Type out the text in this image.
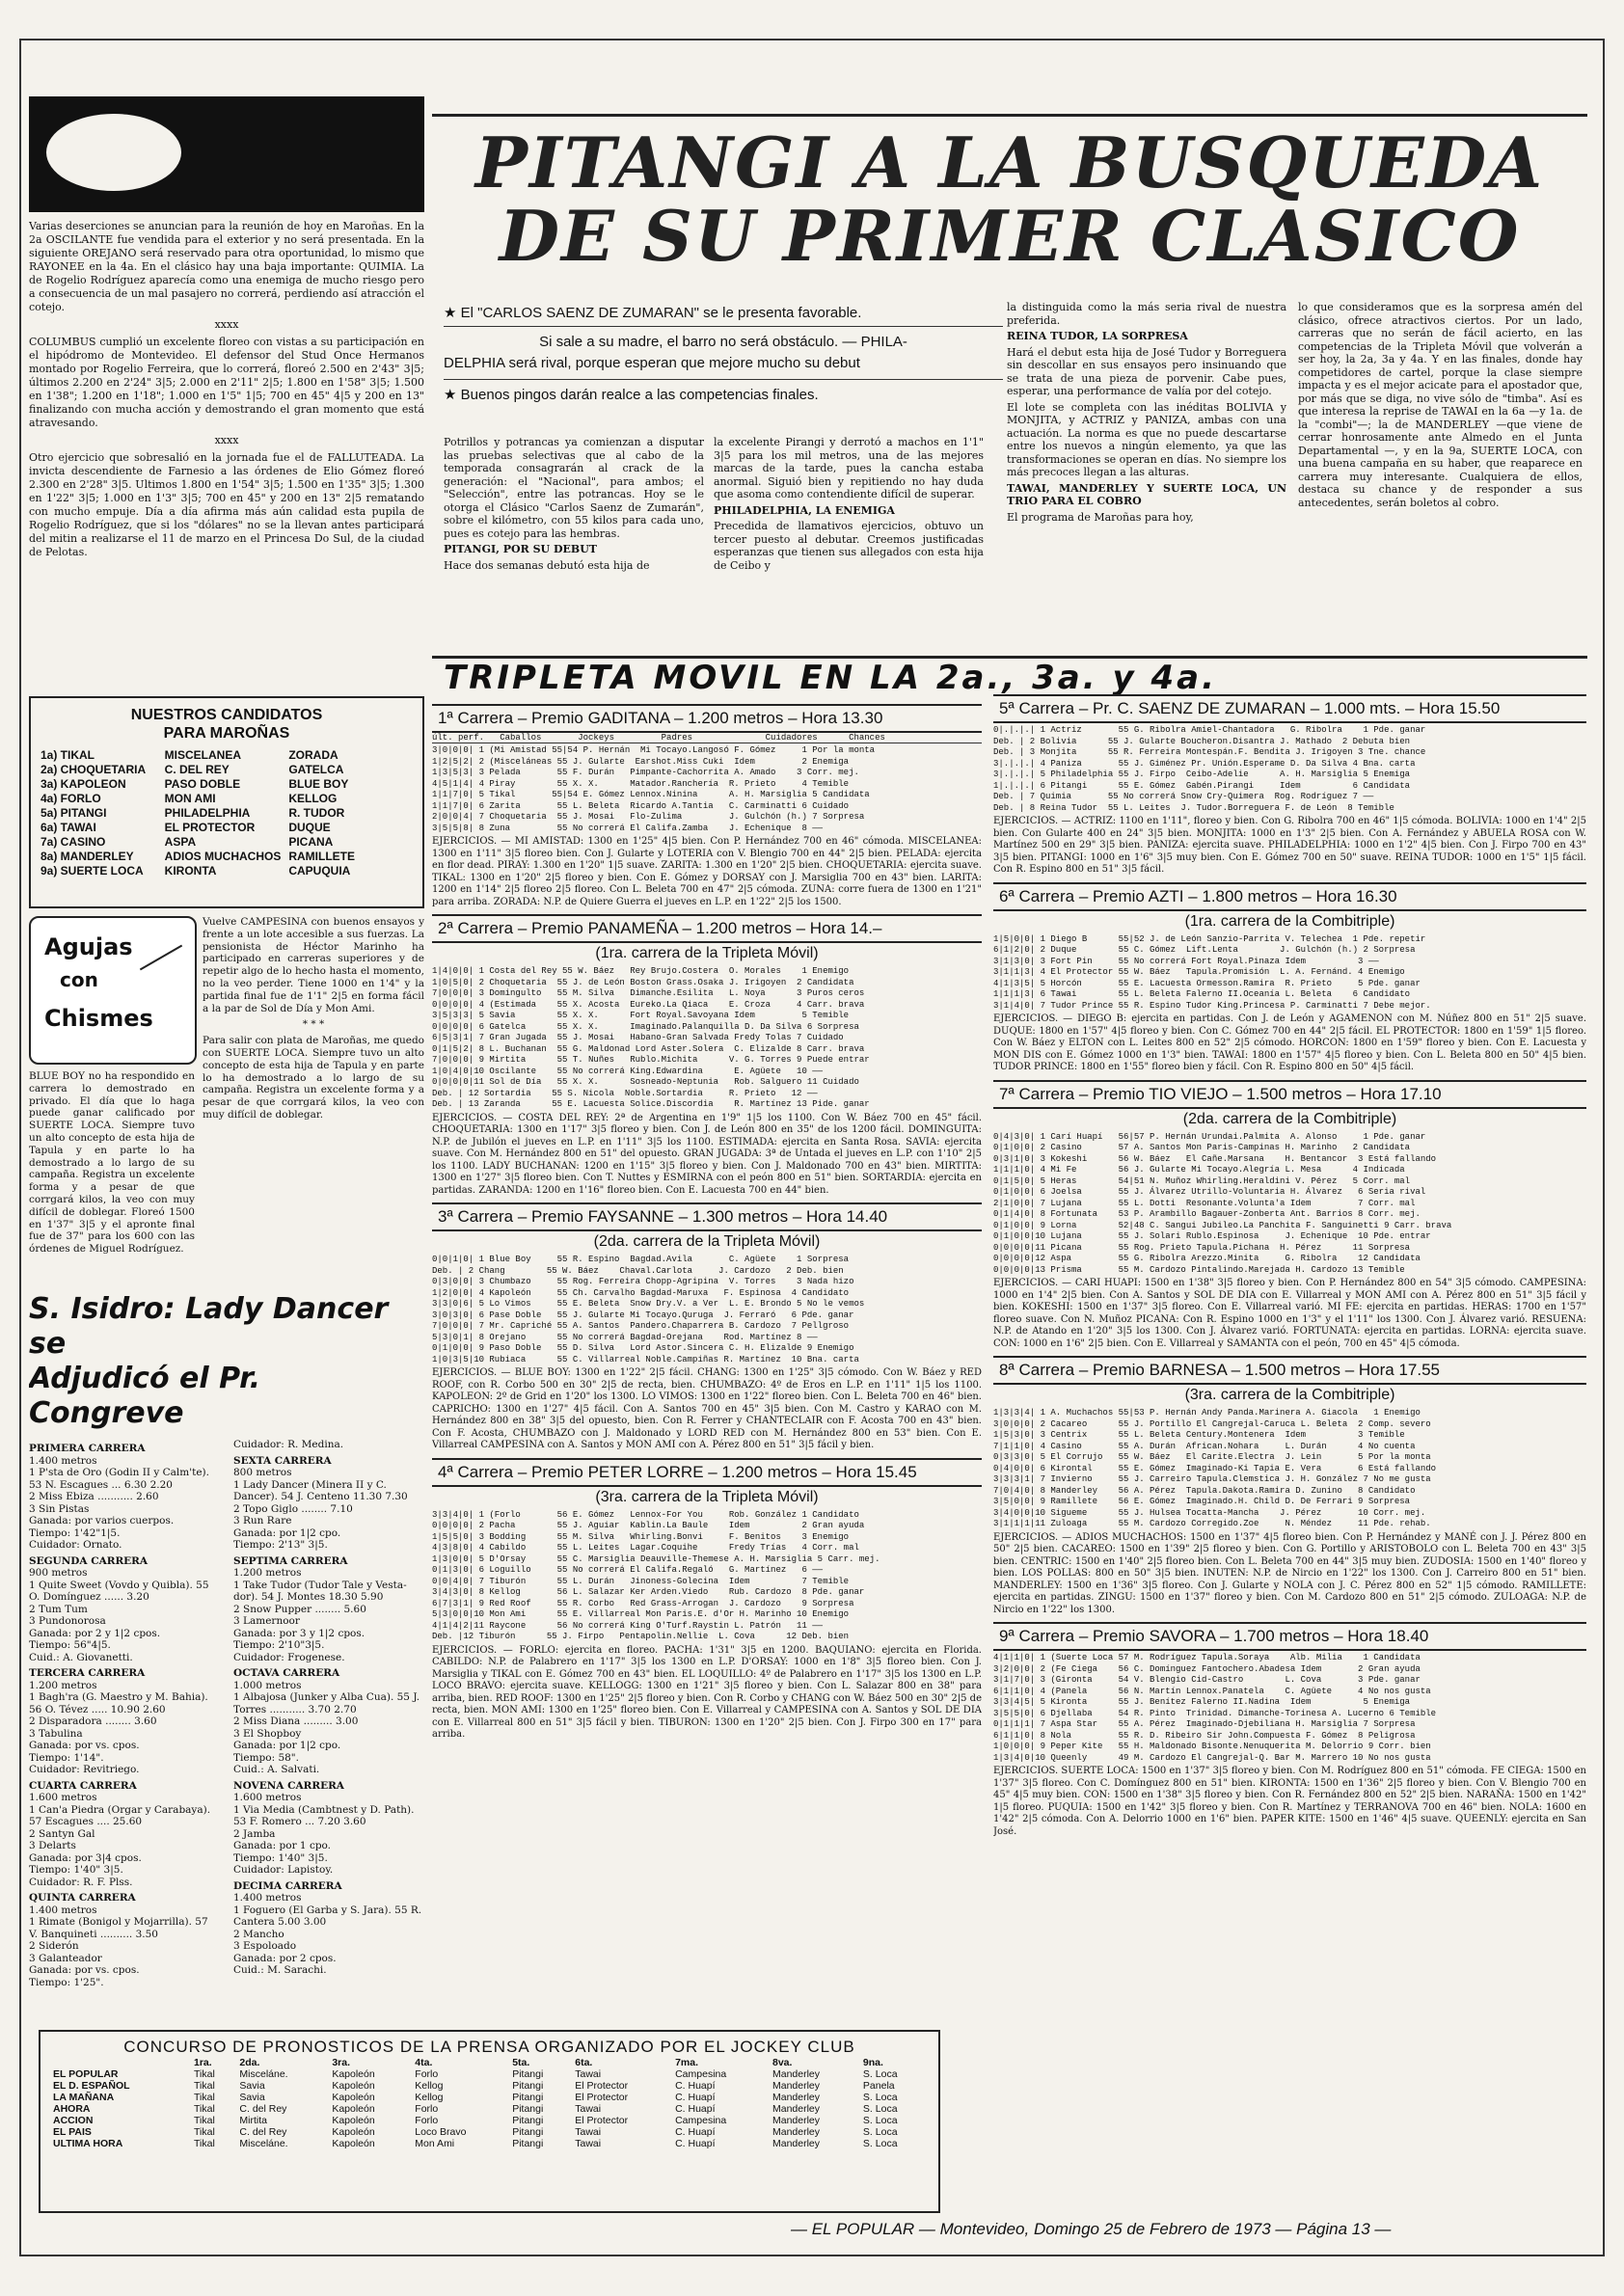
Varias deserciones se anuncian para la reunión de hoy en Maroñas. En la 2a OSCILANTE fue vendida para el exterior y no será presentada. En la siguiente OREJANO será reservado para otra oportunidad, lo mismo que RAYONEE en la 4a. En el clásico hay una baja importante: QUIMIA. La de Rogelio Rodríguez aparecía como una enemiga de mucho riesgo pero a consecuencia de un mal pasajero no correrá, perdiendo así atracción el cotejo.

xxxx

COLUMBUS cumplió un excelente floreo con vistas a su participación en el hipódromo de Montevideo. El defensor del Stud Once Hermanos montado por Rogelio Ferreira, que lo correrá, floreó 2.500 en 2'43" 3|5; últimos 2.200 en 2'24" 3|5; 2.000 en 2'11" 2|5; 1.800 en 1'58" 3|5; 1.500 en 1'38"; 1.200 en 1'18"; 1.000 en 1'5" 1|5; 700 en 45" 4|5 y 200 en 13" finalizando con mucha acción y demostrando el gran momento que está atravesando.

xxxx

Otro ejercicio que sobresalió en la jornada fue el de FALLUTEADA. La invicta descendiente de Farnesio a las órdenes de Elio Gómez floreó 2.300 en 2'28" 3|5. Ultimos 1.800 en 1'54" 3|5; 1.500 en 1'35" 3|5; 1.300 en 1'22" 3|5; 1.000 en 1'3" 3|5; 700 en 45" y 200 en 13" 2|5 rematando con mucho empuje. Día a día afirma más aún calidad esta pupila de Rogelio Rodríguez, que si los "dólares" no se la llevan antes participará del mitin a realizarse el 11 de marzo en el Princesa Do Sul, de la ciudad de Pelotas.

PITANGI A LA BUSQUEDA
DE SU PRIMER CLASICO
★ El "CARLOS SAENZ DE ZUMARAN" se le presenta favorable.
Si sale a su madre, el barro no será obstáculo. — PHILA-
DELPHIA será rival, porque esperan que mejore mucho su debut
★ Buenos pingos darán realce a las competencias finales.

Potrillos y potrancas ya comienzan a disputar las pruebas selectivas que al cabo de la temporada consagrarán al crack de la generación: el "Nacional", para ambos; el "Selección", entre las potrancas. Hoy se le otorga el Clásico "Carlos Saenz de Zumarán", sobre el kilómetro, con 55 kilos para cada uno, pues es cotejo para las hembras.

PITANGI, POR SU DEBUT

Hace dos semanas debutó esta hija de

la excelente Pirangi y derrotó a machos en 1'1" 3|5 para los mil metros, una de las mejores marcas de la tarde, pues la cancha estaba anormal. Siguió bien y repitiendo no hay duda que asoma como contendiente difícil de superar.

PHILADELPHIA, LA ENEMIGA

Precedida de llamativos ejercicios, obtuvo un tercer puesto al debutar. Creemos justificadas esperanzas que tienen sus allegados con esta hija de Ceibo y

la distinguida como la más seria rival de nuestra preferida.

REINA TUDOR, LA SORPRESA

Hará el debut esta hija de José Tudor y Borreguera sin descollar en sus ensayos pero insinuando que se trata de una pieza de porvenir. Cabe pues, esperar, una performance de valía por del cotejo.

El lote se completa con las inéditas BOLIVIA y MONJITA, y ACTRIZ y PANIZA, ambas con una actuación. La norma es que no puede descartarse entre los nuevos a ningún elemento, ya que las transformaciones se operan en días. No siempre los más precoces llegan a las alturas.

TAWAI, MANDERLEY Y SUERTE LOCA, UN TRIO PARA EL COBRO

El programa de Maroñas para hoy,

lo que consideramos que es la sorpresa amén del clásico, ofrece atractivos ciertos. Por un lado, carreras que no serán de fácil acierto, en las competencias de la Tripleta Móvil que volverán a ser hoy, la 2a, 3a y 4a. Y en las finales, donde hay competidores de cartel, porque la clase siempre impacta y es el mejor acicate para el apostador que, por más que se diga, no vive sólo de "timba". Así es que interesa la reprise de TAWAI en la 6a —y 1a. de la "combi"—; la de MANDERLEY —que viene de cerrar honrosamente ante Almedo en el Junta Departamental —, y en la 9a, SUERTE LOCA, con una buena campaña en su haber, que reaparece en carrera muy interesante. Cualquiera de ellos, destaca su chance y de responder a sus antecedentes, serán boletos al cobro.

TRIPLETA MOVIL EN LA 2a., 3a. y 4a.
NUESTROS CANDIDATOS
PARA MAROÑAS
1a) TIKAL	MISCELANEA	ZORADA
2a) CHOQUETARIA	C. DEL REY	GATELCA
3a) KAPOLEON	PASO DOBLE	BLUE BOY
4a) FORLO	MON AMI	KELLOG
5a) PITANGI	PHILADELPHIA	R. TUDOR
6a) TAWAI	EL PROTECTOR	DUQUE
7a) CASINO	ASPA	PICANA
8a) MANDERLEY	ADIOS MUCHACHOS RAMILLETE
9a) SUERTE LOCA	KIRONTA	CAPUQUIA
Agujas
con
Chismes

Vuelve CAMPESINA con buenos ensayos y frente a un lote accesible a sus fuerzas. La pensionista de Héctor Marinho ha participado en carreras superiores y de repetir algo de lo hecho hasta el momento, no la veo perder. Tiene 1000 en 1'4" y la partida final fue de 1'1" 2|5 en forma fácil a la par de Sol de Día y Mon Ami.

* * *

Para salir con plata de Maroñas, me quedo con SUERTE LOCA. Siempre tuvo un alto concepto de esta hija de Tapula y en parte lo ha demostrado a lo largo de su campaña. Registra un excelente forma y a pesar de que corrgará kilos, la veo con muy difícil de doblegar.

BLUE BOY no ha respondido en carrera lo demostrado en privado. El día que lo haga puede ganar calificado por SUERTE LOCA. Siempre tuvo un alto concepto de esta hija de Tapula y en parte lo ha demostrado a lo largo de su campaña. Registra un excelente forma y a pesar de que corrgará kilos, la veo con muy difícil de doblegar. Floreó 1500 en 1'37" 3|5 y el apronte final fue de 37" para los 600 con las órdenes de Miguel Rodríguez.

S. Isidro: Lady Dancer se
Adjudicó el Pr. Congreve
PRIMERA CARRERA
1.400 metros
1 P'sta de Oro (Godin II y Calm'te).
53 N. Escagues ... 6.30 2.20
2 Miss Ebiza ........... 2.60
3 Sin Pistas
Ganada: por varios cuerpos.
Tiempo: 1'42"1|5.
Cuidador: Ornato.
SEGUNDA CARRERA
900 metros
1 Quite Sweet (Vovdo y Quibla). 55
O. Domínguez ...... 3.20
2 Tum Tum
3 Pundonorosa
Ganada: por 2 y 1|2 cpos.
Tiempo: 56"4|5.
Cuid.: A. Giovanetti.
TERCERA CARRERA
1.200 metros
1 Bagh'ra (G. Maestro y M. Bahia).
56 O. Tévez ..... 10.90 2.60
2 Disparadora ........ 3.60
3 Tabulina
Ganada: por vs. cpos.
Tiempo: 1'14".
Cuidador: Revitriego.
CUARTA CARRERA
1.600 metros
1 Can'a Piedra (Orgar y Carabaya). 57 Escagues .... 25.60
2 Santyn Gal
3 Delarts
Ganada: por 3|4 cpos.
Tiempo: 1'40" 3|5.
Cuidador: R. F. Plss.
QUINTA CARRERA
1.400 metros
1 Rimate (Bonigol y Mojarrilla). 57 V. Banquineti .......... 3.50
2 Siderón
3 Galanteador
Ganada: por vs. cpos.
Tiempo: 1'25".
Cuidador: R. Medina.
SEXTA CARRERA
800 metros
1 Lady Dancer (Minera II y C. Dancer). 54 J. Centeno 11.30 7.30
2 Topo Giglo ........ 7.10
3 Run Rare
Ganada: por 1|2 cpo.
Tiempo: 2'13" 3|5.
SEPTIMA CARRERA
1.200 metros
1 Take Tudor (Tudor Tale y Vesta-dor). 54 J. Montes 18.30 5.90
2 Snow Pupper ........ 5.60
3 Lamernoor
Ganada: por 3 y 1|2 cpos.
Tiempo: 2'10"3|5.
Cuidador: Frogenese.
OCTAVA CARRERA
1.000 metros
1 Albajosa (Junker y Alba Cua). 55 J. Torres ........... 3.70 2.70
2 Miss Diana ......... 3.00
3 El Shopboy
Ganada: por 1|2 cpo.
Tiempo: 58".
Cuid.: A. Salvati.
NOVENA CARRERA
1.600 metros
1 Via Media (Cambtnest y D. Path). 53 F. Romero ... 7.20 3.60
2 Jamba
Ganada: por 1 cpo.
Tiempo: 1'40" 3|5.
Cuidador: Lapistoy.
DECIMA CARRERA
1.400 metros
1 Foguero (El Garba y S. Jara). 55 R. Cantera 5.00 3.00
2 Mancho
3 Espoloado
Ganada: por 2 cpos.
Cuid.: M. Sarachi.
1ª Carrera – Premio GADITANA – 1.200 metros – Hora 13.30
últ. perf.   Caballos       Jockeys         Padres              Cuidadores      Chances
3|0|0|0| 1 (Mi Amistad 55|54 P. Hernán  Mi Tocayo.Langosó F. Gómez     1 Por la monta
1|2|5|2| 2 (Misceláneas 55 J. Gularte  Earshot.Miss Cuki  Idem         2 Enemiga
1|3|5|3| 3 Pelada       55 F. Durán   Pimpante-Cachorrita A. Amado    3 Corr. mej.
4|5|1|4| 4 Piray        55 X. X.      Matador.Ranchería  R. Prieto     4 Temible
1|1|7|0| 5 Tikal       55|54 E. Gómez Lennox.Ninina      A. H. Marsiglia 5 Candidata
1|1|7|0| 6 Zarita       55 L. Beleta  Ricardo A.Tantia   C. Carminatti 6 Cuidado
2|0|0|4| 7 Choquetaria  55 J. Mosai   Flo-Zulima         J. Gulchón (h.) 7 Sorpresa
3|5|5|8| 8 Zuna         55 No correrá El Califa.Zamba    J. Echenique  8 ——
EJERCICIOS. — MI AMISTAD: 1300 en 1'25" 4|5 bien. Con P. Hernández 700 en 46" cómoda. MISCELANEA: 1300 en 1'11" 3|5 floreo bien. Con J. Gularte y LOTERIA con V. Blengio 700 en 44" 2|5 bien. PELADA: ejercita en flor dead. PIRAY: 1.300 en 1'20" 1|5 suave. ZARITA: 1.300 en 1'20" 2|5 bien. CHOQUETARIA: ejercita suave. TIKAL: 1300 en 1'20" 2|5 floreo y bien. Con E. Gómez y DORSAY con J. Marsiglia 700 en 43" bien. LARITA: 1200 en 1'14" 2|5 floreo 2|5 floreo. Con L. Beleta 700 en 47" 2|5 cómoda. ZUNA: corre fuera de 1300 en 1'21" para arriba. ZORADA: N.P. de Quiere Guerra el jueves en L.P. en 1'22" 2|5 los 1500.
2ª Carrera – Premio PANAMEÑA – 1.200 metros – Hora 14.–
(1ra. carrera de la Tripleta Móvil)
1|4|0|0| 1 Costa del Rey 55 W. Báez   Rey Brujo.Costera  O. Morales    1 Enemigo
1|0|5|0| 2 Choquetaria  55 J. de León Boston Grass.Osaka J. Irigoyen  2 Candidata
7|0|0|0| 3 Domingulto   55 M. Silva   Dimanche.Esilita   L. Noya      3 Puros ceros
0|0|0|0| 4 (Estimada    55 X. Acosta  Eureko.La Qiaca    E. Croza     4 Carr. brava
3|5|3|3| 5 Savia        55 X. X.      Fort Royal.Savoyana Idem         5 Temible
0|0|0|0| 6 Gatelca      55 X. X.      Imaginado.Palanquilla D. Da Silva 6 Sorpresa
6|5|3|1| 7 Gran Jugada  55 J. Mosai   Habano-Gran Salvada Fredy Tolas 7 Cuidado
0|1|5|2| 8 L. Buchanan  55 G. Maldonad Lord Aster.Solera  C. Elizalde 8 Carr. brava
7|0|0|0| 9 Mirtita      55 T. Nuñes   Rublo.Michita      V. G. Torres 9 Puede entrar
1|0|4|0|10 Oscilante    55 No correrá King.Edwardina      E. Agüete   10 ——
0|0|0|0|11 Sol de Día   55 X. X.      Sosneado-Neptunia   Rob. Salguero 11 Cuidado
Deb. | 12 Sortardia    55 S. Nicola  Noble.Sortardia     R. Prieto   12 ——
Deb. | 13 Zaranda      55 E. Lacuesta Solice.Discordia    R. Martínez 13 Pide. ganar
EJERCICIOS. — COSTA DEL REY: 2ª de Argentina en 1'9" 1|5 los 1100. Con W. Báez 700 en 45" fácil. CHOQUETARIA: 1300 en 1'17" 3|5 floreo y bien. Con J. de León 800 en 35" de los 1200 fácil. DOMINGUITA: N.P. de Jubilón el jueves en L.P. en 1'11" 3|5 los 1100. ESTIMADA: ejercita en Santa Rosa. SAVIA: ejercita suave. Con M. Hernández 800 en 51" del opuesto. GRAN JUGADA: 3ª de Untada el jueves en L.P. con 1'10" 2|5 los 1100. LADY BUCHANAN: 1200 en 1'15" 3|5 floreo y bien. Con J. Maldonado 700 en 43" bien. MIRTITA: 1300 en 1'27" 3|5 floreo bien. Con T. Nuttes y ESMIRNA con el peón 800 en 51" bien. SORTARDIA: ejercita en partidas. ZARANDA: 1200 en 1'16" floreo bien. Con E. Lacuesta 700 en 44" bien.
3ª Carrera – Premio FAYSANNE – 1.300 metros – Hora 14.40
(2da. carrera de la Tripleta Móvil)
0|0|1|0| 1 Blue Boy     55 R. Espino  Bagdad.Avila       C. Agüete    1 Sorpresa
Deb. | 2 Chang        55 W. Báez    Chaval.Carlota     J. Cardozo   2 Deb. bien
0|3|0|0| 3 Chumbazo     55 Rog. Ferreira Chopp-Agripina  V. Torres    3 Nada hizo
1|2|0|0| 4 Kapoleón     55 Ch. Carvalho Bagdad-Maruxa   F. Espinosa  4 Candidato
3|3|0|6| 5 Lo Vimos     55 E. Beleta  Snow Dry.V. a Ver  L. E. Brondo 5 No le vemos
3|0|3|0| 6 Pase Doble   55 J. Gularte Mi Tocayo.Quruga  J. Ferraró   6 Pde. ganar
7|0|0|0| 7 Mr. Capriché 55 A. Santos  Pandero.Chaparrera B. Cardozo  7 Pellgroso
5|3|0|1| 8 Orejano      55 No correrá Bagdad-Orejana    Rod. Martínez 8 ——
0|1|0|0| 9 Paso Doble   55 D. Silva   Lord Astor.Sincera C. H. Elizalde 9 Enemigo
1|0|3|5|10 Rubiaca      55 C. Villarreal Noble.Campiñas R. Martínez  10 Bna. carta
EJERCICIOS. — BLUE BOY: 1300 en 1'22" 2|5 fácil. CHANG: 1300 en 1'25" 3|5 cómodo. Con W. Báez y RED ROOF, con R. Corbo 500 en 30" 2|5 de recta, bien. CHUMBAZO: 4º de Eros en L.P. en 1'11" 1|5 los 1100. KAPOLEON: 2º de Grid en 1'20" los 1300. LO VIMOS: 1300 en 1'22" floreo bien. Con L. Beleta 700 en 46" bien. CAPRICHO: 1300 en 1'27" 4|5 fácil. Con A. Santos 700 en 45" 3|5 bien. Con M. Castro y KARAO con M. Hernández 800 en 38" 3|5 del opuesto, bien. Con R. Ferrer y CHANTECLAIR con F. Acosta 700 en 43" bien. Con F. Acosta, CHUMBAZO con J. Maldonado y LORD RED con M. Hernández 800 en 53" bien. Con E. Villarreal CAMPESINA con A. Santos y MON AMI con A. Pérez 800 en 51" 3|5 fácil y bien.
4ª Carrera – Premio PETER LORRE – 1.200 metros – Hora 15.45
(3ra. carrera de la Tripleta Móvil)
3|3|4|0| 1 (Forlo       56 E. Gómez   Lennox-For You     Rob. González 1 Candidato
0|0|0|0| 2 Pacha        55 J. Aguiar  Kablin.La Baule    Idem          2 Gran ayuda
1|5|5|0| 3 Bodding      55 M. Silva   Whirling.Bonvi     F. Benitos    3 Enemigo
4|3|8|0| 4 Cabildo      55 L. Leites  Lagar.Coquihe      Fredy Trías   4 Corr. mal
1|3|0|0| 5 D'Orsay      55 C. Marsiglia Deauville-Themese A. H. Marsiglia 5 Carr. mej.
0|1|3|0| 6 Loguillo     55 No correrá El Califa.Regaló   G. Martínez   6 ——
0|0|4|0| 7 Tiburón      55 L. Durán   Jinoness-Golecina  Idem          7 Temible
3|4|3|0| 8 Kellog       56 L. Salazar Ker Arden.Viedo    Rub. Cardozo  8 Pde. ganar
6|7|3|1| 9 Red Roof     55 R. Corbo   Red Grass-Arrogan  J. Cardozo    9 Sorpresa
5|3|0|0|10 Mon Ami      55 E. Villarreal Mon Paris.E. d'Or H. Marinho 10 Enemigo
4|1|4|2|11 Raycone      56 No correrá King O'Turf.Raystin L. Patrón   11 ——
Deb. |12 Tiburón      55 J. Firpo   Pentapolin.Nellie  L. Cova      12 Deb. bien
EJERCICIOS. — FORLO: ejercita en floreo. PACHA: 1'31" 3|5 en 1200. BAQUIANO: ejercita en Florida. CABILDO: N.P. de Palabrero en 1'17" 3|5 los 1300 en L.P. D'ORSAY: 1000 en 1'8" 3|5 floreo bien. Con J. Marsiglia y TIKAL con E. Gómez 700 en 43" bien. EL LOQUILLO: 4º de Palabrero en 1'17" 3|5 los 1300 en L.P. LOCO BRAVO: ejercita suave. KELLOGG: 1300 en 1'21" 3|5 floreo y bien. Con L. Salazar 800 en 38" para arriba, bien. RED ROOF: 1300 en 1'25" 2|5 floreo y bien. Con R. Corbo y CHANG con W. Báez 500 en 30" 2|5 de recta, bien. MON AMI: 1300 en 1'25" floreo bien. Con E. Villarreal y CAMPESINA con A. Santos y SOL DE DIA con E. Villarreal 800 en 51" 3|5 fácil y bien. TIBURON: 1300 en 1'20" 2|5 bien. Con J. Firpo 300 en 17" para arriba.
5ª Carrera – Pr. C. SAENZ DE ZUMARAN – 1.000 mts. – Hora 15.50
0|.|.|.| 1 Actriz       55 G. Ribolra Amiel-Chantadora   G. Ribolra    1 Pde. ganar
Deb. | 2 Bolivia      55 J. Gularte Boucheron.Disantra J. Mathado  2 Debuta bien
Deb. | 3 Monjita      55 R. Ferreira Montespán.F. Bendita J. Irigoyen 3 Tne. chance
3|.|.|.| 4 Paniza       55 J. Giménez Pr. Unión.Esperame D. Da Silva 4 Bna. carta
3|.|.|.| 5 Philadelphia 55 J. Firpo  Ceibo-Adelie      A. H. Marsiglia 5 Enemiga
1|.|.|.| 6 Pitangi      55 E. Gómez  Gabén.Pirangi     Idem          6 Candidata
Deb. | 7 Quimia       55 No correrá Snow Cry-Quimera  Rog. Rodríguez 7 ——
Deb. | 8 Reina Tudor  55 L. Leites  J. Tudor.Borreguera F. de León  8 Temible
EJERCICIOS. — ACTRIZ: 1100 en 1'11", floreo y bien. Con G. Ribolra 700 en 46" 1|5 cómoda. BOLIVIA: 1000 en 1'4" 2|5 bien. Con Gularte 400 en 24" 3|5 bien. MONJITA: 1000 en 1'3" 2|5 bien. Con A. Fernández y ABUELA ROSA con W. Martínez 500 en 29" 3|5 bien. PANIZA: ejercita suave. PHILADELPHIA: 1000 en 1'2" 4|5 bien. Con J. Firpo 700 en 43" 3|5 bien. PITANGI: 1000 en 1'6" 3|5 muy bien. Con E. Gómez 700 en 50" suave. REINA TUDOR: 1000 en 1'5" 1|5 fácil. Con R. Espino 800 en 51" 3|5 fácil.
6ª Carrera – Premio AZTI – 1.800 metros – Hora 16.30
(1ra. carrera de la Combitriple)
1|5|0|0| 1 Diego B      55|52 J. de León Sanzio-Parrita V. Telechea  1 Pde. repetir
6|1|2|0| 2 Duque        55 C. Gómez  Lift.Lenta        J. Gulchón (h.) 2 Sorpresa
3|1|3|0| 3 Fort Pin     55 No correrá Fort Royal.Pinaza Idem          3 ——
3|1|1|3| 4 El Protector 55 W. Báez   Tapula.Promisión  L. A. Fernánd. 4 Enemigo
4|1|3|5| 5 Horcón       55 E. Lacuesta Ormesson.Ramira  R. Prieto     5 Pde. ganar
1|1|1|3| 6 Tawai        55 L. Beleta Falerno II.Oceanía L. Beleta    6 Candidato
3|1|4|0| 7 Tudor Prince 55 R. Espino Tudor King.Princesa P. Carminatti 7 Debe mejor.
EJERCICIOS. — DIEGO B: ejercita en partidas. Con J. de León y AGAMENON con M. Núñez 800 en 51" 2|5 suave. DUQUE: 1800 en 1'57" 4|5 floreo y bien. Con C. Gómez 700 en 44" 2|5 fácil. EL PROTECTOR: 1800 en 1'59" 1|5 floreo. Con W. Báez y ELTON con L. Leites 800 en 52" 2|5 cómodo. HORCON: 1800 en 1'59" floreo y bien. Con E. Lacuesta y MON DIS con E. Gómez 1000 en 1'3" bien. TAWAI: 1800 en 1'57" 4|5 floreo y bien. Con L. Beleta 800 en 50" 4|5 bien. TUDOR PRINCE: 1800 en 1'55" floreo bien y fácil. Con R. Espino 800 en 50" 4|5 fácil.
7ª Carrera – Premio TIO VIEJO – 1.500 metros – Hora 17.10
(2da. carrera de la Combitriple)
0|4|3|0| 1 Carí Huapí   56|57 P. Hernán Urundai.Palmita  A. Alonso     1 Pde. ganar
0|1|0|0| 2 Casino       57 A. Santos Mon Paris-Campinas H. Marinho   2 Candidata
0|3|1|0| 3 Kokeshi      56 W. Báez   El Cañe.Marsana    H. Bentancor  3 Está fallando
1|1|1|0| 4 Mi Fe        56 J. Gularte Mi Tocayo.Alegría L. Mesa      4 Indicada
0|1|5|0| 5 Heras        54|51 N. Muñoz Whirling.Heraldini V. Pérez   5 Corr. mal
0|1|0|0| 6 Joelsa       55 J. Álvarez Utrillo-Voluntaria H. Álvarez   6 Seria rival
2|1|0|0| 7 Lujana       55 L. Dotti  Resonante.Volunta'a Idem         7 Corr. mal
0|1|4|0| 8 Fortunata    53 P. Arambillo Bagauer-Zonberta Ant. Barrios 8 Corr. mej.
0|1|0|0| 9 Lorna        52|48 C. Sangui Jubileo.La Panchita F. Sanguinetti 9 Carr. brava
0|1|0|0|10 Lujana       55 J. Solari Rublo.Espinosa     J. Echenique  10 Pde. entrar
0|0|0|0|11 Picana       55 Rog. Prieto Tapula.Pichana  H. Pérez      11 Sorpresa
0|0|0|0|12 Aspa         55 G. Ribolra Arezzo.Minita     G. Ribolra    12 Candidata
0|0|0|0|13 Prisma       55 M. Cardozo Pintalindo.Marejada H. Cardozo 13 Temible
EJERCICIOS. — CARI HUAPI: 1500 en 1'38" 3|5 floreo y bien. Con P. Hernández 800 en 54" 3|5 cómodo. CAMPESINA: 1000 en 1'4" 2|5 bien. Con A. Santos y SOL DE DIA con E. Villarreal y MON AMI con A. Pérez 800 en 51" 3|5 fácil y bien. KOKESHI: 1500 en 1'37" 3|5 floreo. Con E. Villarreal varió. MI FE: ejercita en partidas. HERAS: 1700 en 1'57" floreo suave. Con N. Muñoz PICANA: Con R. Espino 1000 en 1'3" y el 1'11" los 1300. Con J. Álvarez varió. RESUENA: N.P. de Atando en 1'20" 3|5 los 1300. Con J. Álvarez varió. FORTUNATA: ejercita en partidas. LORNA: ejercita suave. CON: 1000 en 1'6" 2|5 bien. Con E. Villarreal y SAMANTA con el peón, 700 en 45" 4|5 cómoda.
8ª Carrera – Premio BARNESA – 1.500 metros – Hora 17.55
(3ra. carrera de la Combitriple)
1|3|3|4| 1 A. Muchachos 55|53 P. Hernán Andy Panda.Marinera A. Giacola   1 Enemigo
3|0|0|0| 2 Cacareo      55 J. Portillo El Cangrejal-Caruca L. Beleta  2 Comp. severo
1|5|3|0| 3 Centrix      55 L. Beleta Century.Montenera  Idem          3 Temible
7|1|1|0| 4 Casino       55 A. Durán  African.Nohara     L. Durán      4 No cuenta
0|3|3|0| 5 El Corrujo   55 W. Báez   El Carite.Electra  J. Lein       5 Por la monta
0|4|0|0| 6 Kirontal     55 E. Gómez  Imaginado-Ki Tapia E. Vera       6 Está fallando
3|3|3|1| 7 Invierno     55 J. Carreiro Tapula.Clemstica J. H. González 7 No me gusta
7|0|4|0| 8 Manderley    56 A. Pérez  Tapula.Dakota.Ramira D. Zunino   8 Candidato
3|5|0|0| 9 Ramillete    56 E. Gómez  Imaginado.H. Child D. De Ferrari 9 Sorpresa
3|4|0|0|10 Sigueme      55 J. Hulsea Tocatta-Mancha    J. Pérez       10 Corr. mej.
3|1|1|1|11 Zuloaga      55 M. Cardozo Corregido.Zoe     N. Méndez     11 Pde. rehab.
EJERCICIOS. — ADIOS MUCHACHOS: 1500 en 1'37" 4|5 floreo bien. Con P. Hernández y MANÉ con J. J. Pérez 800 en 50" 2|5 bien. CACAREO: 1500 en 1'39" 2|5 floreo y bien. Con G. Portillo y ARISTOBOLO con L. Beleta 700 en 43" 3|5 bien. CENTRIC: 1500 en 1'40" 2|5 floreo bien. Con L. Beleta 700 en 44" 3|5 muy bien. ZUDOSIA: 1500 en 1'40" floreo y bien. LOS POLLAS: 800 en 50" 3|5 bien. INUTEN: N.P. de Nircio en 1'22" los 1300. Con J. Carreiro 800 en 51" bien. MANDERLEY: 1500 en 1'36" 3|5 floreo. Con J. Gularte y NOLA con J. C. Pérez 800 en 52" 1|5 cómodo. RAMILLETE: ejercita en partidas. ZINGU: 1500 en 1'37" floreo y bien. Con M. Cardozo 800 en 51" 2|5 cómodo. ZULOAGA: N.P. de Nircio en 1'22" los 1300.
9ª Carrera – Premio SAVORA – 1.700 metros – Hora 18.40
4|1|1|0| 1 (Suerte Loca 57 M. Rodríguez Tapula.Soraya    Alb. Milia    1 Candidata
3|2|0|0| 2 (Fe Ciega    56 C. Domínguez Fantochero.Abadesa Idem       2 Gran ayuda
3|1|7|0| 3 (Gironta     54 V. Blengio Cid-Castro        L. Cova       3 Pde. ganar
6|1|1|0| 4 (Panela      56 N. Martín Lennox.Panatela    C. Agüete     4 No nos gusta
3|3|4|5| 5 Kironta      55 J. Benítez Falerno II.Nadina  Idem          5 Enemiga
3|5|5|0| 6 Djellaba     54 R. Pinto  Trinidad. Dimanche-Torinesa A. Lucerno 6 Temible
0|1|1|1| 7 Aspa Star    55 A. Pérez  Imaginado-Djebiliana H. Marsiglia 7 Sorpresa
6|1|1|0| 8 Nola         55 R. D. Ribeiro Sir John.Compuesta F. Gómez  8 Peligrosa
1|0|0|0| 9 Peper Kite   55 H. Maldonado Bisonte.Nenuquerita M. Delorrio 9 Corr. bien
1|3|4|0|10 Queenly      49 M. Cardozo El Cangrejal-Q. Bar M. Marrero 10 No nos gusta
EJERCICIOS. SUERTE LOCA: 1500 en 1'37" 3|5 floreo y bien. Con M. Rodríguez 800 en 51" cómoda. FE CIEGA: 1500 en 1'37" 3|5 floreo. Con C. Domínguez 800 en 51" bien. KIRONTA: 1500 en 1'36" 2|5 floreo y bien. Con V. Blengio 700 en 45" 4|5 muy bien. CON: 1500 en 1'38" 3|5 floreo y bien. Con R. Fernández 800 en 52" 2|5 bien. NARAÑA: 1500 en 1'42" 1|5 floreo. PUQUIA: 1500 en 1'42" 3|5 floreo y bien. Con R. Martínez y TERRANOVA 700 en 46" bien. NOLA: 1600 en 1'42" 2|5 cómoda. Con A. Delorrio 1000 en 1'6" bien. PAPER KITE: 1500 en 1'46" 4|5 suave. QUEENLY: ejercita en San José.
CONCURSO DE PRONOSTICOS DE LA PRENSA ORGANIZADO POR EL JOCKEY CLUB
	1ra.	2da.	3ra.	4ta.	5ta.	6ta.	7ma.	8va.	9na.
EL POPULAR	Tikal	Misceláne.	Kapoleón	Forlo	Pitangi	Tawai	Campesina	Manderley	S. Loca
EL D. ESPAÑOL	Tikal	Savia	Kapoleón	Kellog	Pitangi	El Protector	C. Huapí	Manderley	Panela
LA MAÑANA	Tikal	Savia	Kapoleón	Kellog	Pitangi	El Protector	C. Huapí	Manderley	S. Loca
AHORA	Tikal	C. del Rey	Kapoleón	Forlo	Pitangi	Tawai	C. Huapí	Manderley	S. Loca
ACCION	Tikal	Mirtita	Kapoleón	Forlo	Pitangi	El Protector	Campesina	Manderley	S. Loca
EL PAIS	Tikal	C. del Rey	Kapoleón	Loco Bravo	Pitangi	Tawai	C. Huapí	Manderley	S. Loca
ULTIMA HORA	Tikal	Misceláne.	Kapoleón	Mon Ami	Pitangi	Tawai	C. Huapí	Manderley	S. Loca
— EL POPULAR — Montevideo, Domingo 25 de Febrero de 1973 — Página 13 —
